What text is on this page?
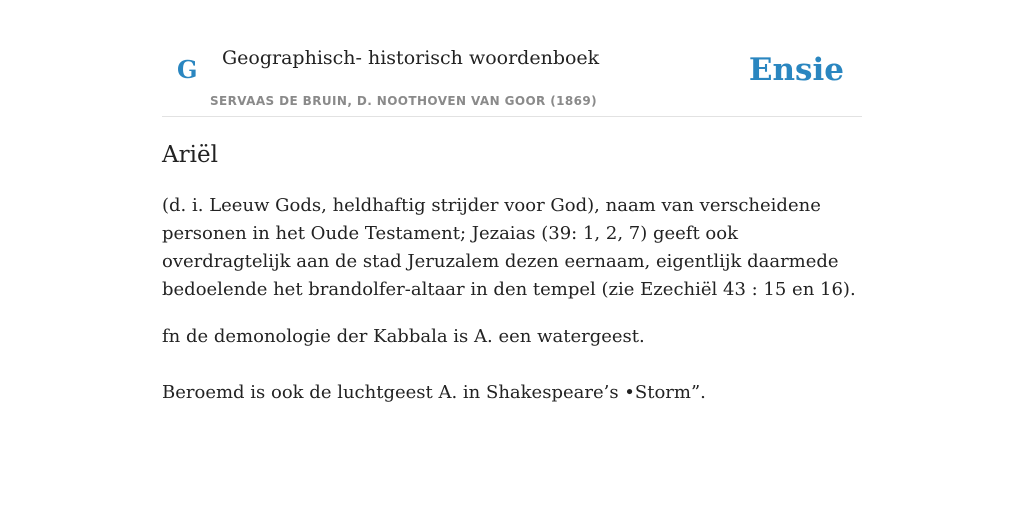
G Geographisch- historisch woordenboek
SERVAAS DE BRUIN, D. NOOTHOVEN VAN GOOR (1869)
Ensie
Ariël

(d. i. Leeuw Gods, heldhaftig strijder voor God), naam van verscheidene personen in het Oude Testament; Jezaias (39: 1, 2, 7) geeft ook overdragtelijk aan de stad Jeruzalem dezen eernaam, eigentlijk daarmede bedoelende het brandolfer-altaar in den tempel (zie Ezechiël 43 : 15 en 16).

fn de demonologie der Kabbala is A. een watergeest.

Beroemd is ook de luchtgeest A. in Shakespeare’s •Storm”.
